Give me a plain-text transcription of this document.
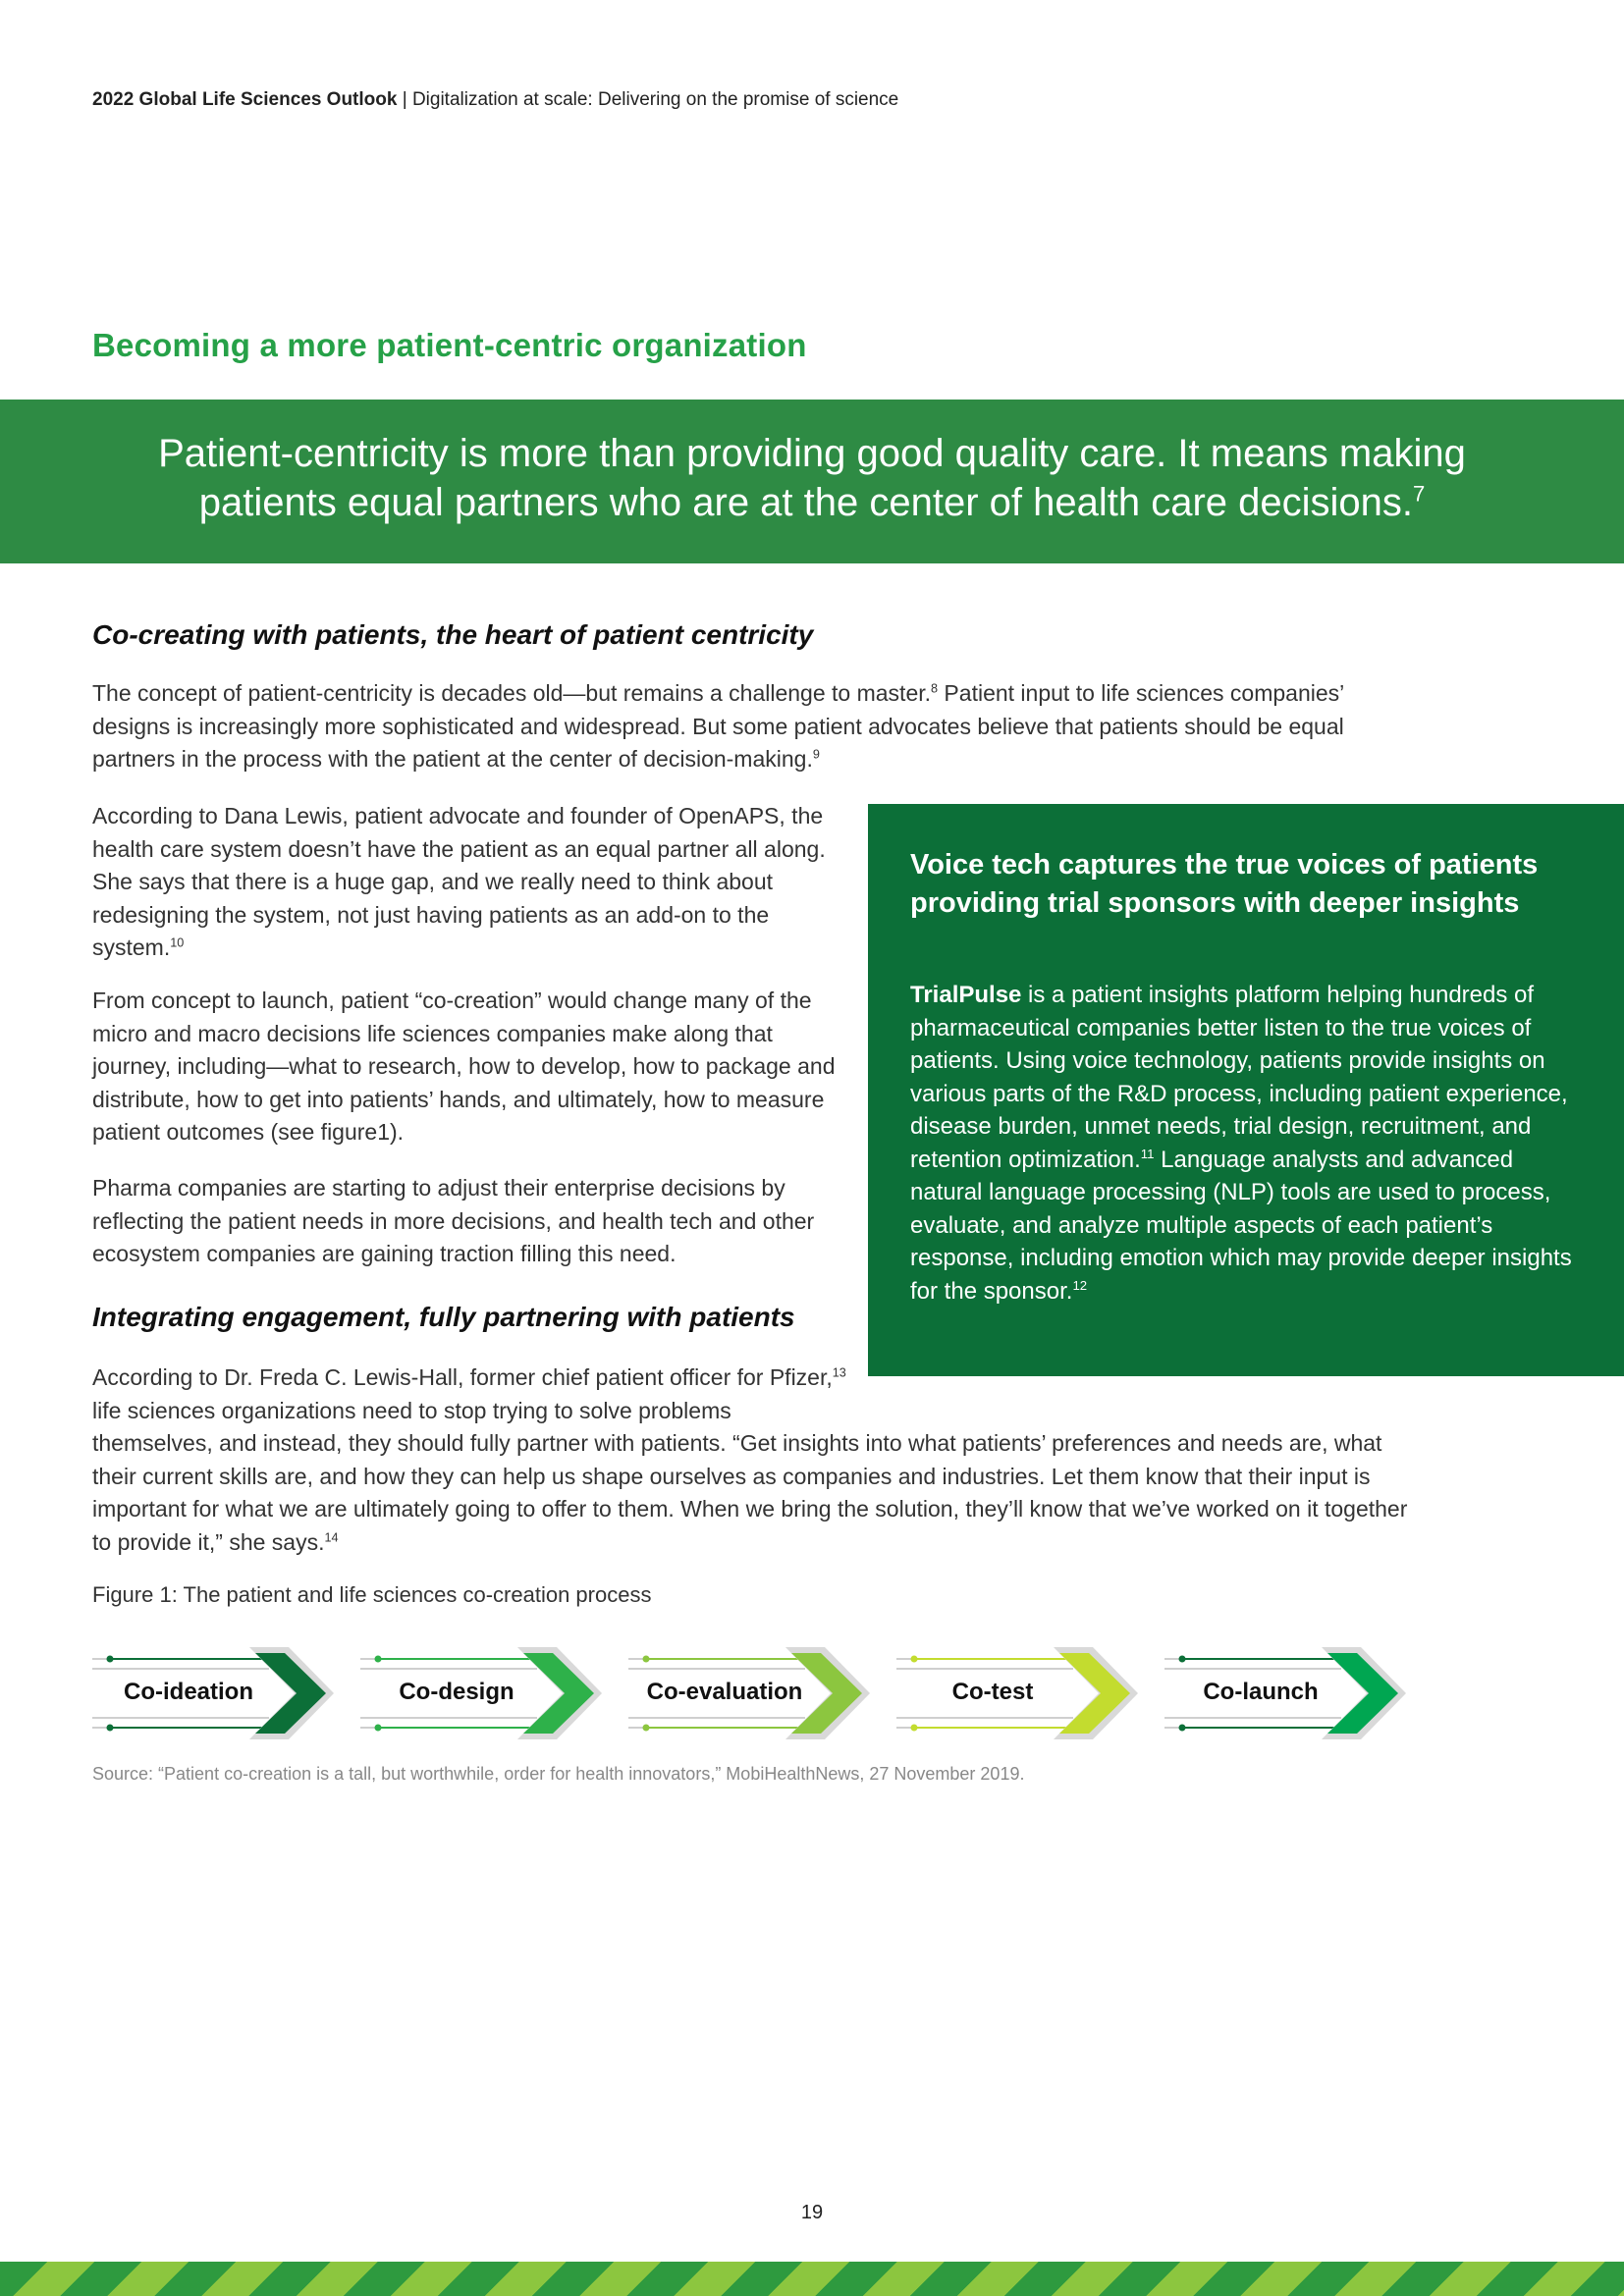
2022 Global Life Sciences Outlook | Digitalization at scale: Delivering on the promise of science
Becoming a more patient-centric organization
Patient-centricity is more than providing good quality care. It means making patients equal partners who are at the center of health care decisions.$^7$
Co-creating with patients, the heart of patient centricity
The concept of patient-centricity is decades old—but remains a challenge to master.$^8$ Patient input to life sciences companies’ designs is increasingly more sophisticated and widespread. But some patient advocates believe that patients should be equal partners in the process with the patient at the center of decision-making.$^9$
According to Dana Lewis, patient advocate and founder of OpenAPS, the health care system doesn’t have the patient as an equal partner all along. She says that there is a huge gap, and we really need to think about redesigning the system, not just having patients as an add-on to the system.$^{10}$
From concept to launch, patient “co-creation” would change many of the micro and macro decisions life sciences companies make along that journey, including—what to research, how to develop, how to package and distribute, how to get into patients’ hands, and ultimately, how to measure patient outcomes (see figure1).
Pharma companies are starting to adjust their enterprise decisions by reflecting the patient needs in more decisions, and health tech and other ecosystem companies are gaining traction filling this need.
Integrating engagement, fully partnering with patients
According to Dr. Freda C. Lewis-Hall, former chief patient officer for Pfizer,$^{13}$ life sciences organizations need to stop trying to solve problems
themselves, and instead, they should fully partner with patients. “Get insights into what patients’ preferences and needs are, what their current skills are, and how they can help us shape ourselves as companies and industries. Let them know that their input is important for what we are ultimately going to offer to them. When we bring the solution, they’ll know that we’ve worked on it together to provide it,” she says.$^{14}$
Voice tech captures the true voices of patients providing trial sponsors with deeper insights
TrialPulse is a patient insights platform helping hundreds of pharmaceutical companies better listen to the true voices of patients. Using voice technology, patients provide insights on various parts of the R&D process, including patient experience, disease burden, unmet needs, trial design, recruitment, and retention optimization.$^{11}$ Language analysts and advanced natural language processing (NLP) tools are used to process, evaluate, and analyze multiple aspects of each patient’s response, including emotion which may provide deeper insights for the sponsor.$^{12}$
Figure 1: The patient and life sciences co-creation process
Co-ideation	Co-design	Co-evaluation	Co-test	Co-launch
Source: “Patient co-creation is a tall, but worthwhile, order for health innovators,” MobiHealthNews, 27 November 2019.
19
